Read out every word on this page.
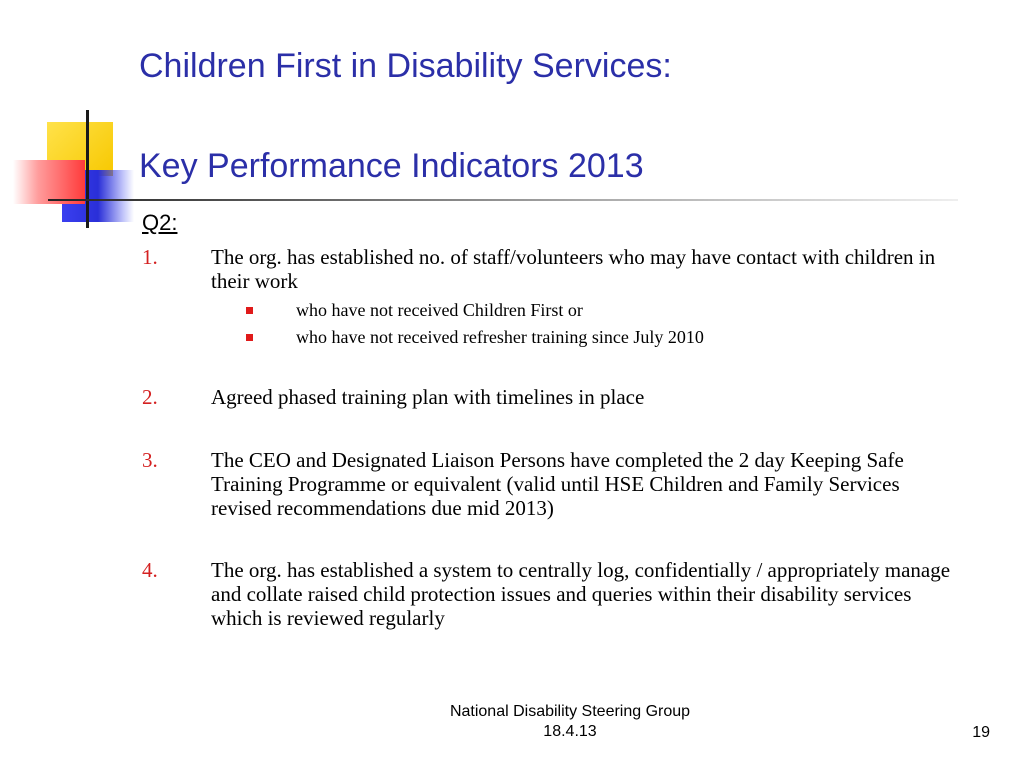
Children First in Disability Services:
Key Performance Indicators 2013
Q2:
1.	The org. has established no. of staff/volunteers who may have contact with children in their work
who have not received Children First or
who have not received refresher training since July 2010
2.	Agreed phased training plan with timelines in place
3.	The CEO and Designated Liaison Persons have completed the 2 day Keeping Safe Training Programme or equivalent (valid until HSE Children and Family Services revised recommendations due mid 2013)
4.	The org. has established a system to centrally log, confidentially / appropriately manage and collate raised child protection issues and queries within their disability services which is reviewed regularly
National Disability Steering Group
18.4.13	19
